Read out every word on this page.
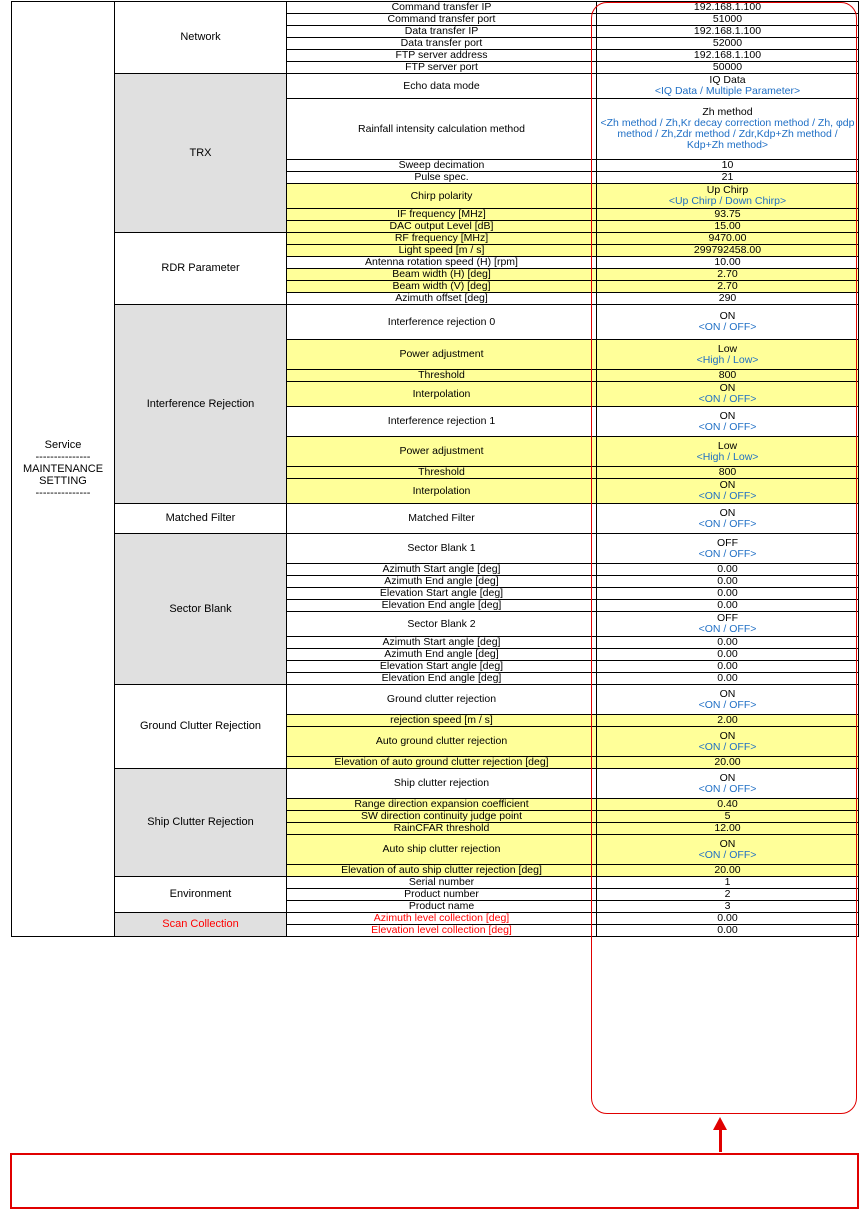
Service
---------------
MAINTENANCE
SETTING
---------------	Network	Command transfer IP	192.168.1.100

		Command transfer port	51000

		Data transfer IP	192.168.1.100

		Data transfer port	52000

		FTP server address	192.168.1.100

		FTP server port	50000

	TRX	Echo data mode	IQ Data
<IQ Data / Multiple Parameter>

		Rainfall intensity calculation method	Zh method
<Zh method / Zh,Kr decay correction method / Zh, φdp method / Zh,Zdr method / Zdr,Kdp+Zh method / Kdp+Zh method>

		Sweep decimation	10

		Pulse spec.	21

		Chirp polarity	Up Chirp
<Up Chirp / Down Chirp>

		IF frequency [MHz]	93.75

		DAC output Level [dB]	15.00

	RDR Parameter	RF frequency [MHz]	9470.00

		Light speed [m / s]	299792458.00

		Antenna rotation speed (H) [rpm]	10.00

		Beam width (H) [deg]	2.70

		Beam width (V) [deg]	2.70

		Azimuth offset [deg]	290

	Interference Rejection	Interference rejection 0	ON
<ON / OFF>

		Power adjustment	Low
<High / Low>

		Threshold	800

		Interpolation	ON
<ON / OFF>

		Interference rejection 1	ON
<ON / OFF>

		Power adjustment	Low
<High / Low>

		Threshold	800

		Interpolation	ON
<ON / OFF>

	Matched Filter	Matched Filter	ON
<ON / OFF>

	Sector Blank	Sector Blank 1	OFF
<ON / OFF>

		Azimuth Start angle [deg]	0.00

		Azimuth End angle [deg]	0.00

		Elevation Start angle [deg]	0.00

		Elevation End angle [deg]	0.00

		Sector Blank 2	OFF
<ON / OFF>

		Azimuth Start angle [deg]	0.00

		Azimuth End angle [deg]	0.00

		Elevation Start angle [deg]	0.00

		Elevation End angle [deg]	0.00

	Ground Clutter Rejection	Ground clutter rejection	ON
<ON / OFF>

		rejection speed [m / s]	2.00

		Auto ground clutter rejection	ON
<ON / OFF>

		Elevation of auto ground clutter rejection [deg]	20.00

	Ship Clutter Rejection	Ship clutter rejection	ON
<ON / OFF>

		Range direction expansion coefficient	0.40

		SW direction continuity judge point	5

		RainCFAR threshold	12.00

		Auto ship clutter rejection	ON
<ON / OFF>

		Elevation of auto ship clutter rejection [deg]	20.00

	Environment	Serial number	1

		Product number	2

		Product name	3

	Scan Collection	Azimuth level collection [deg]	0.00

		Elevation level collection [deg]	0.00
